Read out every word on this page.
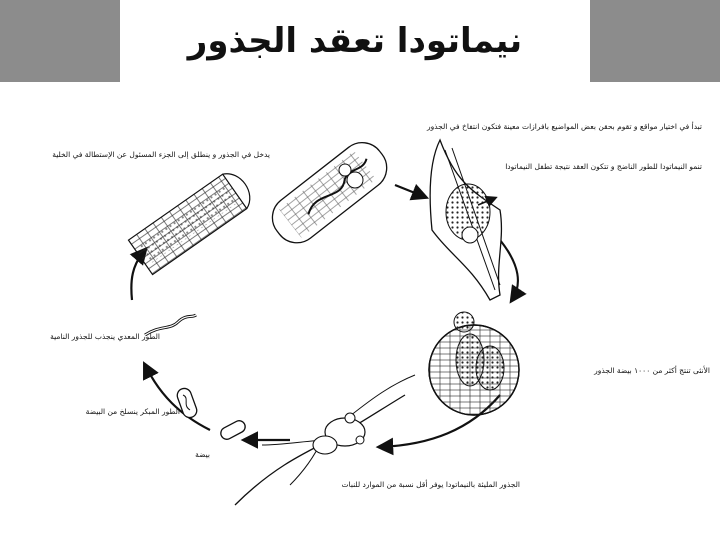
نيماتودا تعقد الجذور
تبدأ في اختيار مواقع و تقوم بحقن بعض المواضيع بافرازات معينة فتكون انتفاخ في الجذور
تنمو النيماتودا للطور الناضج و تتكون العقد نتيجة تطفل النيماتودا
الأنثى تنتج أكثر من ١٠٠٠ بيضة الجذور
الجذور المليئة بالنيماتودا يوفر أقل نسبة من الموارد للنبات
بيضة
الطور المبكر ينسلخ من البيضة
الطور المعدي ينجذب للجذور النامية
يدخل في الجذور و ينطلق إلى الجزء المسئول عن الإستطالة في الخلية
